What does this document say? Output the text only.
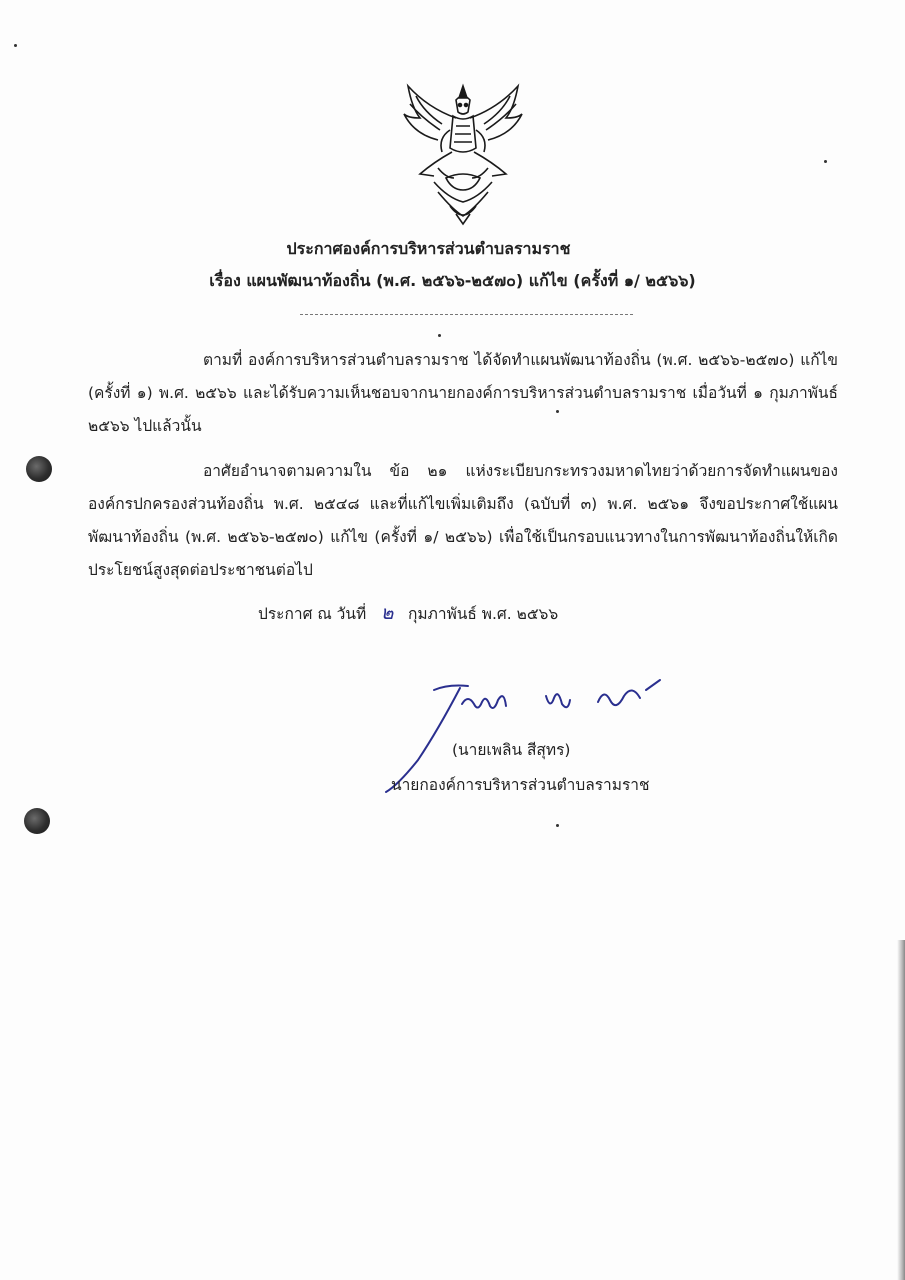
ประกาศองค์การบริหารส่วนตำบลรามราช
เรื่อง แผนพัฒนาท้องถิ่น (พ.ศ. ๒๕๖๖-๒๕๗๐) แก้ไข (ครั้งที่ ๑/ ๒๕๖๖)
ตามที่ องค์การบริหารส่วนตำบลรามราช ได้จัดทำแผนพัฒนาท้องถิ่น (พ.ศ. ๒๕๖๖-๒๕๗๐) แก้ไข (ครั้งที่ ๑) พ.ศ. ๒๕๖๖ และได้รับความเห็นชอบจากนายกองค์การบริหารส่วนตำบลรามราช เมื่อวันที่ ๑ กุมภาพันธ์ ๒๕๖๖ ไปแล้วนั้น
อาศัยอำนาจตามความใน ข้อ ๒๑ แห่งระเบียบกระทรวงมหาดไทยว่าด้วยการจัดทำแผนขององค์กรปกครองส่วนท้องถิ่น พ.ศ. ๒๕๔๘ และที่แก้ไขเพิ่มเติมถึง (ฉบับที่ ๓) พ.ศ. ๒๕๖๑ จึงขอประกาศใช้แผนพัฒนาท้องถิ่น (พ.ศ. ๒๕๖๖-๒๕๗๐) แก้ไข (ครั้งที่ ๑/ ๒๕๖๖) เพื่อใช้เป็นกรอบแนวทางในการพัฒนาท้องถิ่นให้เกิดประโยชน์สูงสุดต่อประชาชนต่อไป
ประกาศ ณ วันที่ ๒ กุมภาพันธ์ พ.ศ. ๒๕๖๖
(นายเพลิน สีสุทร)
นายกองค์การบริหารส่วนตำบลรามราช
